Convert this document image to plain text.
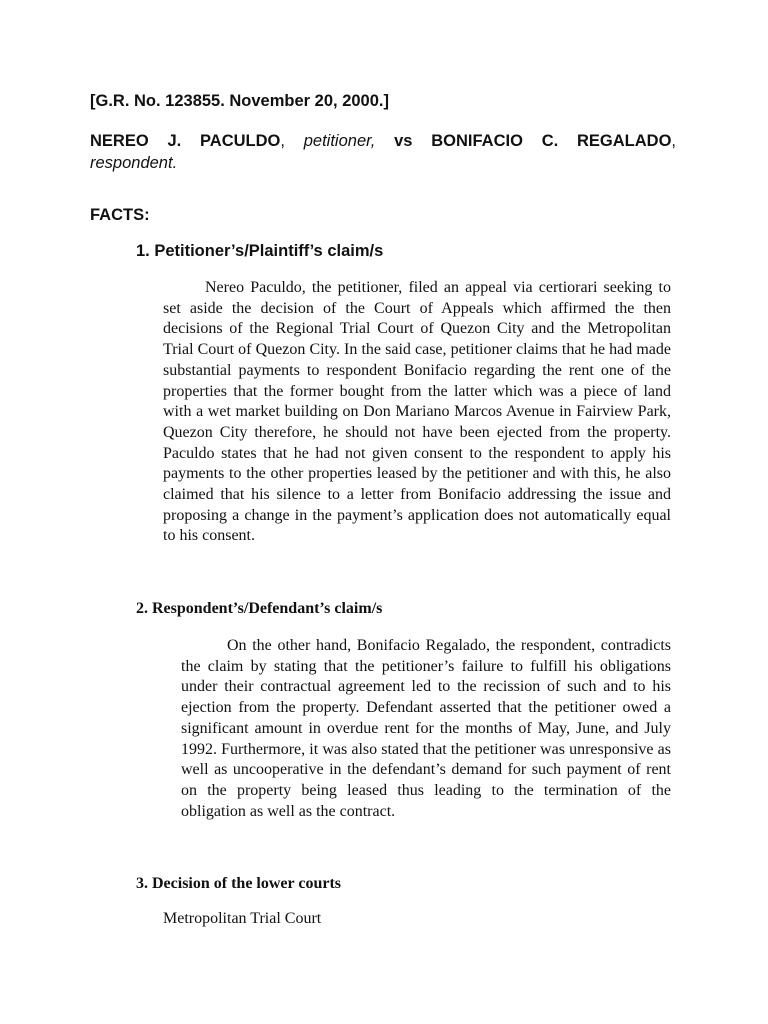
[G.R. No. 123855. November 20, 2000.]
NEREO J. PACULDO, petitioner, vs BONIFACIO C. REGALADO,
respondent.
FACTS:
1. Petitioner’s/Plaintiff’s claim/s
Nereo Paculdo, the petitioner, filed an appeal via certiorari seeking to set aside the decision of the Court of Appeals which affirmed the then decisions of the Regional Trial Court of Quezon City and the Metropolitan Trial Court of Quezon City. In the said case, petitioner claims that he had made substantial payments to respondent Bonifacio regarding the rent one of the properties that the former bought from the latter which was a piece of land with a wet market building on Don Mariano Marcos Avenue in Fairview Park, Quezon City therefore, he should not have been ejected from the property. Paculdo states that he had not given consent to the respondent to apply his payments to the other properties leased by the petitioner and with this, he also claimed that his silence to a letter from Bonifacio addressing the issue and proposing a change in the payment’s application does not automatically equal to his consent.
2. Respondent’s/Defendant’s claim/s
On the other hand, Bonifacio Regalado, the respondent, contradicts the claim by stating that the petitioner’s failure to fulfill his obligations under their contractual agreement led to the recission of such and to his ejection from the property. Defendant asserted that the petitioner owed a significant amount in overdue rent for the months of May, June, and July 1992. Furthermore, it was also stated that the petitioner was unresponsive as well as uncooperative in the defendant’s demand for such payment of rent on the property being leased thus leading to the termination of the obligation as well as the contract.
3. Decision of the lower courts
Metropolitan Trial Court
